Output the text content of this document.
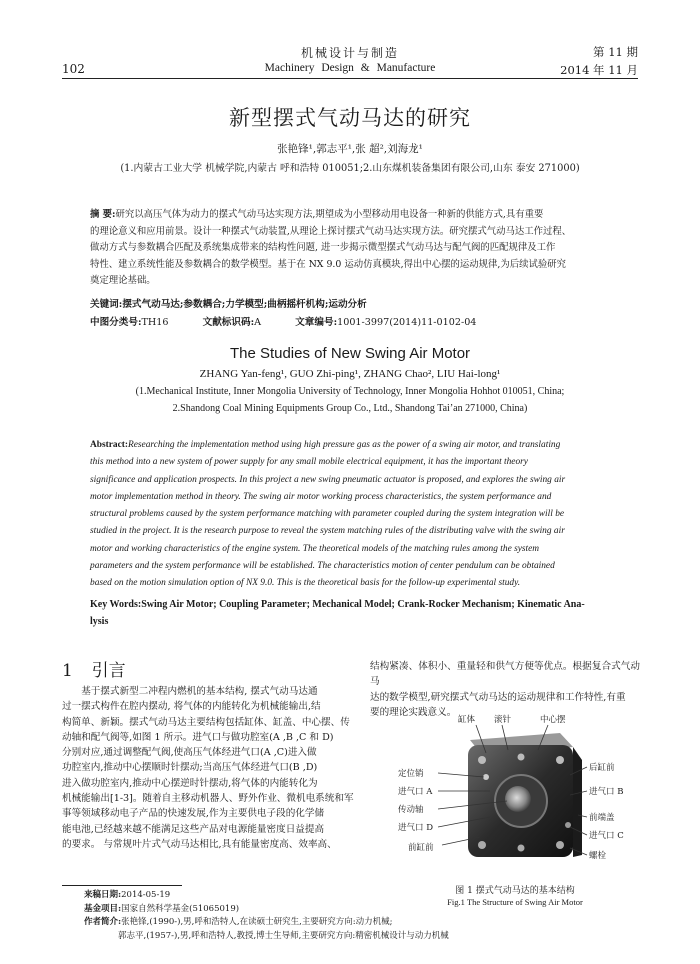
102
机械设计与制造
Machinery Design & Manufacture
第 11 期
2014 年 11 月
新型摆式气动马达的研究
张艳锋¹,郭志平¹,张 超²,刘海龙¹
(1.内蒙古工业大学 机械学院,内蒙古 呼和浩特 010051;2.山东煤机装备集团有限公司,山东 泰安 271000)
摘 要:研究以高压气体为动力的摆式气动马达实现方法,期望成为小型移动用电设备一种新的供能方式,具有重要
的理论意义和应用前景。设计一种摆式气动装置,从理论上探讨摆式气动马达实现方法。研究摆式气动马达工作过程、
做动方式与参数耦合匹配及系统集成带来的结构性问题, 进一步揭示微型摆式气动马达与配气阀的匹配规律及工作
特性、建立系统性能及参数耦合的数学模型。基于在 NX 9.0 运动仿真模块,得出中心摆的运动规律,为后续试验研究
奠定理论基础。
关键词:摆式气动马达;参数耦合;力学模型;曲柄摇杆机构;运动分析
中图分类号:TH16	文献标识码:A	文章编号:1001-3997(2014)11-0102-04
The Studies of New Swing Air Motor
ZHANG Yan-feng¹, GUO Zhi-ping¹, ZHANG Chao², LIU Hai-long¹
(1.Mechanical Institute, Inner Mongolia University of Technology, Inner Mongolia Hohhot 010051, China;
2.Shandong Coal Mining Equipments Group Co., Ltd., Shandong Tai’an 271000, China)
Abstract:Researching the implementation method using high pressure gas as the power of a swing air motor, and translating
this method into a new system of power supply for any small mobile electrical equipment, it has the important theory
significance and application prospects. In this project a new swing pneumatic actuator is proposed, and explores the swing air
motor implementation method in theory. The swing air motor working process characteristics, the system performance and
structural problems caused by the system performance matching with parameter coupled during the system integration will be
studied in the project. It is the research purpose to reveal the system matching rules of the distributing valve with the swing air
motor and working characteristics of the engine system. The theoretical models of the matching rules among the system
parameters and the system performance will be established. The characteristics motion of center pendulum can be obtained
based on the motion simulation option of NX 9.0. This is the theoretical basis for the follow-up experimental study.
Key Words:Swing Air Motor; Coupling Parameter; Mechanical Model; Crank-Rocker Mechanism; Kinematic Ana-
lysis
1 引言
基于摆式新型二冲程内燃机的基本结构, 摆式气动马达通
过一摆式构件在腔内摆动, 将气体的内能转化为机械能输出,结
构简单、新颖。摆式气动马达主要结构包括缸体、缸盖、中心摆、传
动轴和配气阀等,如图 1 所示。进气口与做功腔室(A ,B ,C 和 D)
分别对应,通过调整配气阀,使高压气体经进气口(A ,C)进入做
功腔室内,推动中心摆顺时针摆动;当高压气体经进气口(B ,D)
进入做功腔室内,推动中心摆逆时针摆动,将气体的内能转化为
机械能输出[1-3]。随着自主移动机器人、野外作业、微机电系统和军
事等领域移动电子产品的快速发展,作为主要供电子段的化学储
能电池,已经越来越不能满足这些产品对电源能量密度日益提高
的要求。 与常规叶片式气动马达相比,具有能量密度高、效率高、
结构紧凑、体积小、重量轻和供气方便等优点。根据复合式气动马
达的数学模型,研究摆式气动马达的运动规律和工作特性,有重
要的理论实践意义。
缸体 滚针	中心摆
定位销
进气口 A
传动轴
进气口 D
前缸前
后缸前
进气口 B
前端盖
进气口 C
螺栓
图 1 摆式气动马达的基本结构
Fig.1 The Structure of Swing Air Motor
来稿日期:2014-05-19
基金项目:国家自然科学基金(51065019)
作者简介:张艳锋,(1990-),男,呼和浩特人,在读硕士研究生,主要研究方向:动力机械;
郭志平,(1957-),男,呼和浩特人,教授,博士生导师,主要研究方向:精密机械设计与动力机械
